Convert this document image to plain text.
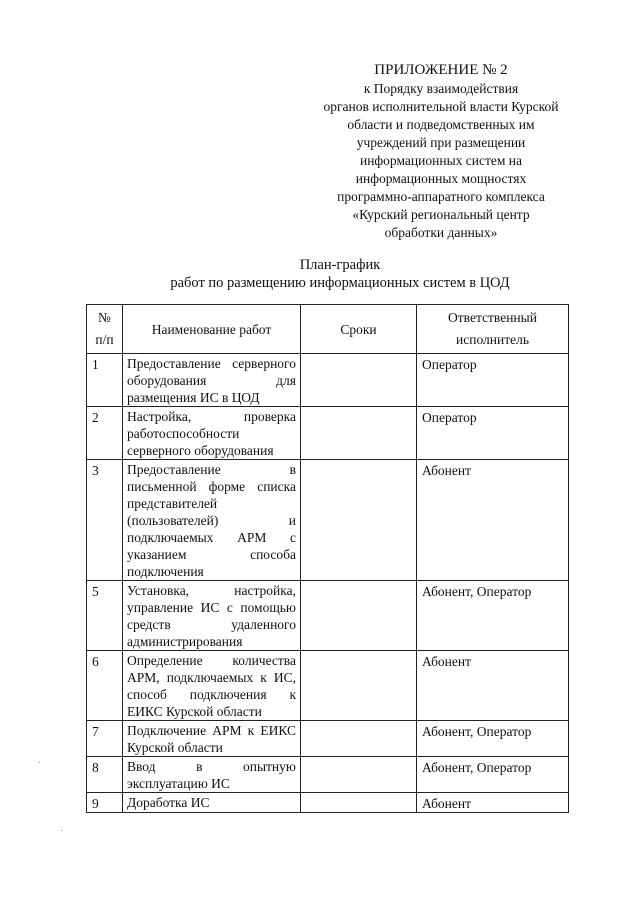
ПРИЛОЖЕНИЕ № 2
к Порядку взаимодействия
органов исполнительной власти Курской
области и подведомственных им
учреждений при размещении
информационных систем на
информационных мощностях
программно-аппаратного комплекса
«Курский региональный центр
обработки данных»
План-график
работ по размещению информационных систем в ЦОД
№
п/п	Наименование работ	Сроки	Ответственный
исполнитель

1	Предоставление серверного оборудования для размещения ИС в ЦОД		Оператор
2	Настройка, проверка работоспособности серверного оборудования		Оператор
3	Предоставление в письменной форме списка представителей (пользователей) и подключаемых АРМ с указанием способа подключения		Абонент
5	Установка, настройка, управление ИС с помощью средств удаленного администрирования		Абонент, Оператор
6	Определение количества АРМ, подключаемых к ИС, способ подключения к ЕИКС Курской области		Абонент
7	Подключение АРМ к ЕИКС Курской области		Абонент, Оператор
8	Ввод в опытную эксплуатацию ИС		Абонент, Оператор
9	Доработка ИС		Абонент
·
·
